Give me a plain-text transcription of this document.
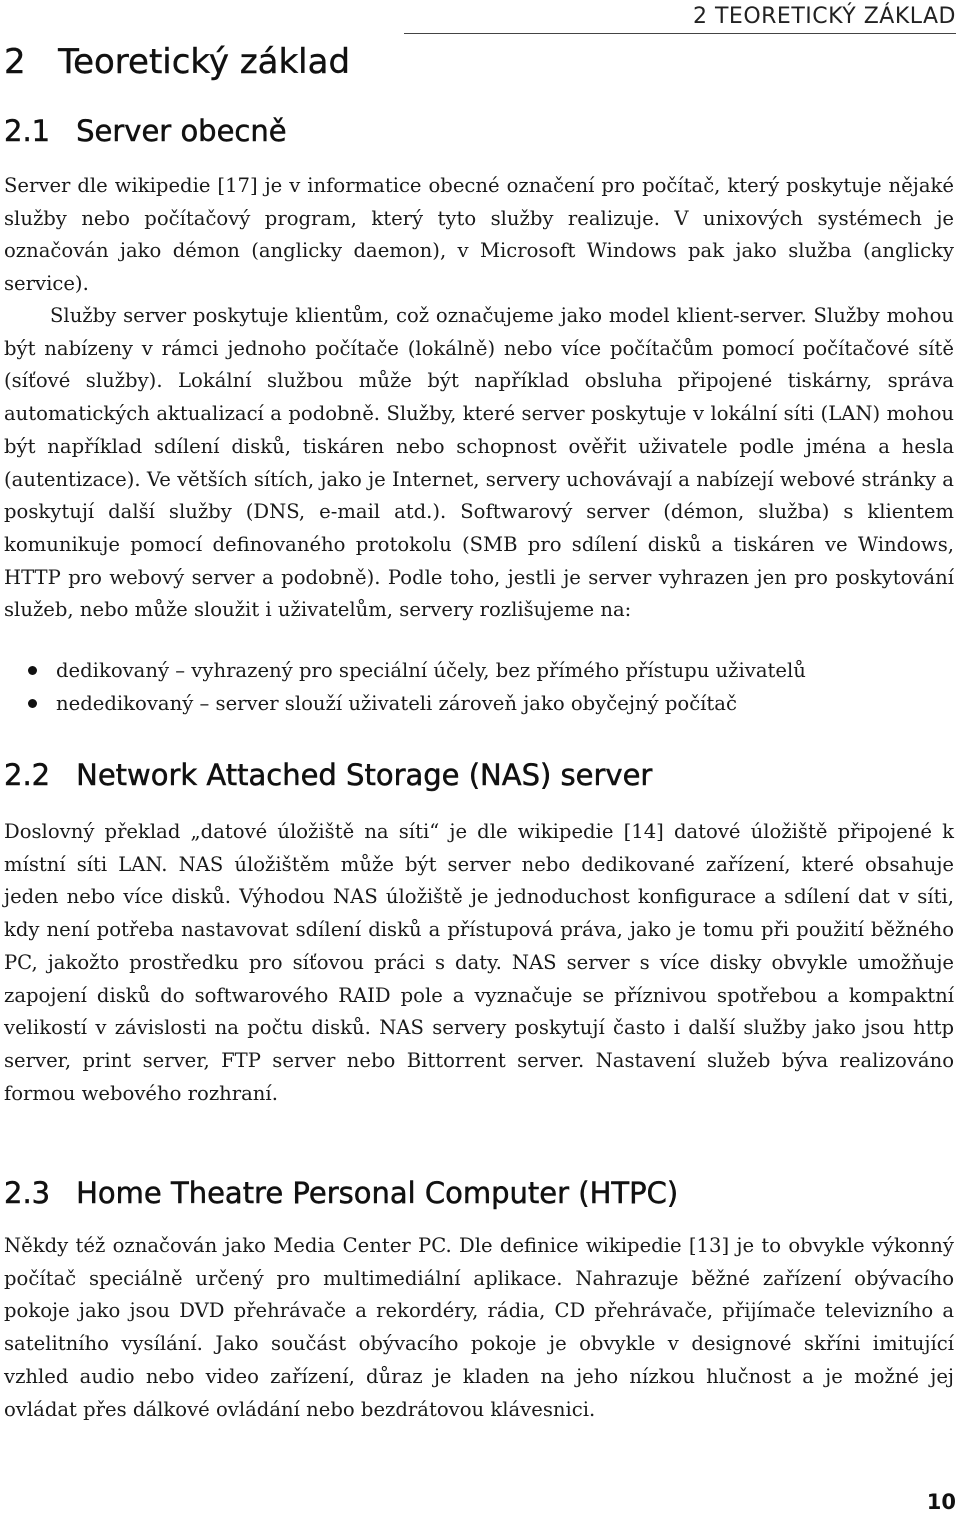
2 TEORETICKÝ ZÁKLAD
2 Teoretický základ
2.1 Server obecně

Server dle wikipedie [17] je v informatice obecné označení pro počítač, který poskytuje nějaké služby nebo počítačový program, který tyto služby realizuje. V unixových systémech je označován jako démon (anglicky daemon), v Microsoft Windows pak jako služba (anglicky service).

Služby server poskytuje klientům, což označujeme jako model klient-server. Služby mohou být nabízeny v rámci jednoho počítače (lokálně) nebo více počítačům pomocí počítačové sítě (síťové služby). Lokální službou může být například obsluha připojené tiskárny, správa automatických aktualizací a podobně. Služby, které server poskytuje v lokální síti (LAN) mohou být například sdílení disků, tiskáren nebo schopnost ověřit uživatele podle jména a hesla (autentizace). Ve větších sítích, jako je Internet, servery uchovávají a nabízejí webové stránky a poskytují další služby (DNS, e-mail atd.). Softwarový server (démon, služba) s klientem komunikuje pomocí definovaného protokolu (SMB pro sdílení disků a tiskáren ve Windows, HTTP pro webový server a podobně). Podle toho, jestli je server vyhrazen jen pro poskytování služeb, nebo může sloužit i uživatelům, servery rozlišujeme na:

dedikovaný – vyhrazený pro speciální účely, bez přímého přístupu uživatelů
nededikovaný – server slouží uživateli zároveň jako obyčejný počítač
2.2 Network Attached Storage (NAS) server

Doslovný překlad „datové úložiště na síti“ je dle wikipedie [14] datové úložiště připojené k místní síti LAN. NAS úložištěm může být server nebo dedikované zařízení, které obsahuje jeden nebo více disků. Výhodou NAS úložiště je jednoduchost konfigurace a sdílení dat v síti, kdy není potřeba nastavovat sdílení disků a přístupová práva, jako je tomu při použití běžného PC, jakožto prostředku pro síťovou práci s daty. NAS server s více disky obvykle umožňuje zapojení disků do softwarového RAID pole a vyznačuje se příznivou spotřebou a kompaktní velikostí v závislosti na počtu disků. NAS servery poskytují často i další služby jako jsou http server, print server, FTP server nebo Bittorrent server. Nastavení služeb býva realizováno formou webového rozhraní.

2.3 Home Theatre Personal Computer (HTPC)

Někdy též označován jako Media Center PC. Dle definice wikipedie [13] je to obvykle výkonný počítač speciálně určený pro multimediální aplikace. Nahrazuje běžné zařízení obývacího pokoje jako jsou DVD přehrávače a rekordéry, rádia, CD přehrávače, přijímače televizního a satelitního vysílání. Jako součást obývacího pokoje je obvykle v designové skříni imitující vzhled audio nebo video zařízení, důraz je kladen na jeho nízkou hlučnost a je možné jej ovládat přes dálkové ovládání nebo bezdrátovou klávesnici.

10
